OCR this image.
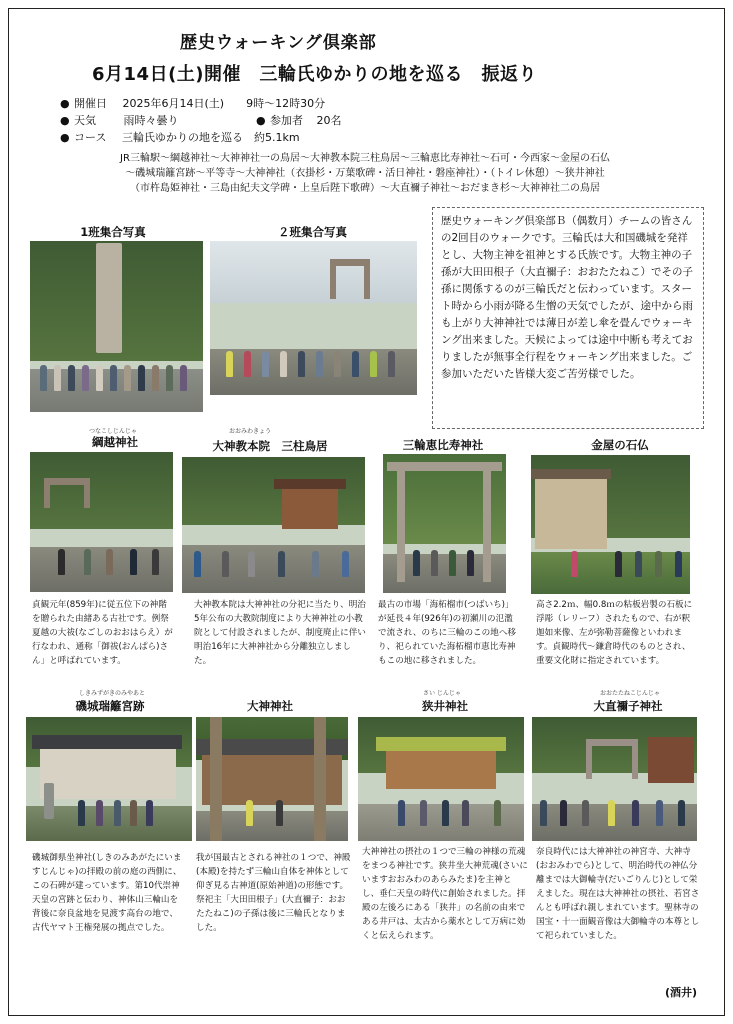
歴史ウォーキング倶楽部
6月14日(土)開催　三輪氏ゆかりの地を巡る　振返り
● 開催日 2025年6月14日(土)　　9時～12時30分
● 天気	雨時々曇り	● 参加者 20名
● コース 三輪氏ゆかりの地を巡る　約5.1km
JR三輪駅～綱越神社～大神神社一の鳥居～大神教本院三柱鳥居～三輪恵比寿神社～石可・今西家～金屋の石仏
～磯城瑞籬宮跡～平等寺～大神神社（衣掛杉・万葉歌碑・活日神社・磐座神社）・（トイレ休憩）～狭井神社
（市杵島姫神社・三島由紀夫文学碑・上皇后陛下歌碑）～大直禰子神社～おだまき杉～大神神社二の鳥居
1班集合写真	２班集合写真
歴史ウォーキング倶楽部Ｂ（偶数月）チームの皆さんの2回目のウォークです。三輪氏は大和国磯城を発祥とし、大物主神を祖神とする氏族です。大物主神の子孫が大田田根子（大直禰子：おおたたねこ）でその子孫に関係するのが三輪氏だと伝わっています。スタート時から小雨が降る生憎の天気でしたが、途中から雨も上がり大神神社では薄日が差し傘を畳んでウォーキング出来ました。天候によっては途中中断も考えておりましたが無事全行程をウォーキング出来ました。ご参加いただいた皆様大変ご苦労様でした。
つなこしじんじゃ
綱越神社
貞観元年(859年)に従五位下の神階を贈られた由緒ある古社です。例祭　夏越の大祓(なごしのおおはらえ）が行なわれ、通称「御祓(おんぱら)さん」と呼ばれています。
おおみわきょう
大神教本院　三柱鳥居
大神教本院は大神神社の分祀に当たり、明治5年公布の大教院制度により大神神社の小教院として付設されましたが、制度廃止に伴い明治16年に大神神社から分離独立しました。
三輪恵比寿神社
最古の市場「海柘榴市(つばいち)」が延長４年(926年)の初瀬川の氾濫で流され、のちに三輪のこの地へ移り、祀られていた海柘榴市恵比寿神もこの地に移されました。
金屋の石仏
高さ2.2ｍ、幅0.8ｍの粘板岩製の石板に浮彫（レリーフ）されたもので、右が釈迦如来像、左が弥勒菩薩像といわれます。貞観時代～鎌倉時代のものとされ、重要文化財に指定されています。
しきみずがきのみやあと
磯城瑞籬宮跡
磯城御県坐神社(しきのみあがたにいますじんじゃ)の拝殿の前の庭の西側に、この石碑が建っています。第10代崇神天皇の宮跡と伝わり、神体山三輪山を背後に奈良盆地を見渡す高台の地で、古代ヤマト王権発展の拠点でした。
大神神社
我が国最古とされる神社の１つで、神殿(本殿)を持たず三輪山自体を神体として仰ぎ見る古神道(原始神道)の形態です。祭祀主「大田田根子」(大直禰子：おおたたねこ)の子孫は後に三輪氏となりました。
さい じんじゃ
狭井神社
大神神社の摂社の１つで三輪の神様の荒魂をまつる神社です。狭井坐大神荒魂(さいにいますおおみわのあらみたま)を主神とし、垂仁天皇の時代に創始されました。拝殿の左後ろにある「狭井」の名前の由来である井戸は、太古から薬水として万病に効くと伝えられます。
おおたたねこじんじゃ
大直禰子神社
奈良時代には大神神社の神宮寺、大神寺(おおみわでら)として、明治時代の神仏分離までは大御輪寺(だいごりんじ)として栄えました。現在は大神神社の摂社、若宮さんとも呼ばれ親しまれています。聖林寺の国宝・十一面観音像は大御輪寺の本尊として祀られていました。
(酒井)
